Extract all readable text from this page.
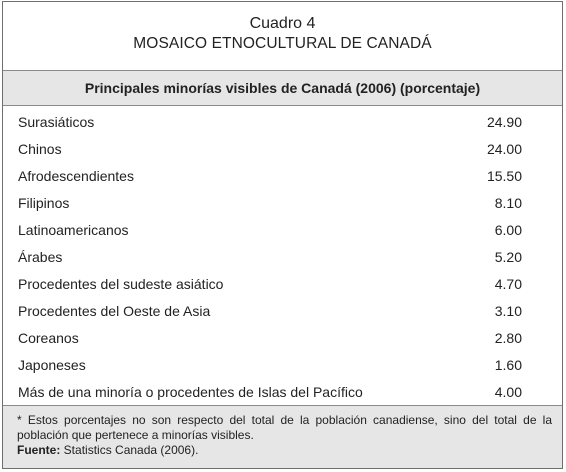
Cuadro 4
MOSAICO ETNOCULTURAL DE CANADÁ
Principales minorías visibles de Canadá (2006) (porcentaje)
Surasiáticos	24.90
Chinos	24.00
Afrodescendientes	15.50
Filipinos	8.10
Latinoamericanos	6.00
Árabes	5.20
Procedentes del sudeste asiático	4.70
Procedentes del Oeste de Asia	3.10
Coreanos	2.80
Japoneses	1.60
Más de una minoría o procedentes de Islas del Pacífico	4.00
* Estos porcentajes no son respecto del total de la población canadiense, sino del total de la población que pertenece a minorías visibles.
Fuente: Statistics Canada (2006).
